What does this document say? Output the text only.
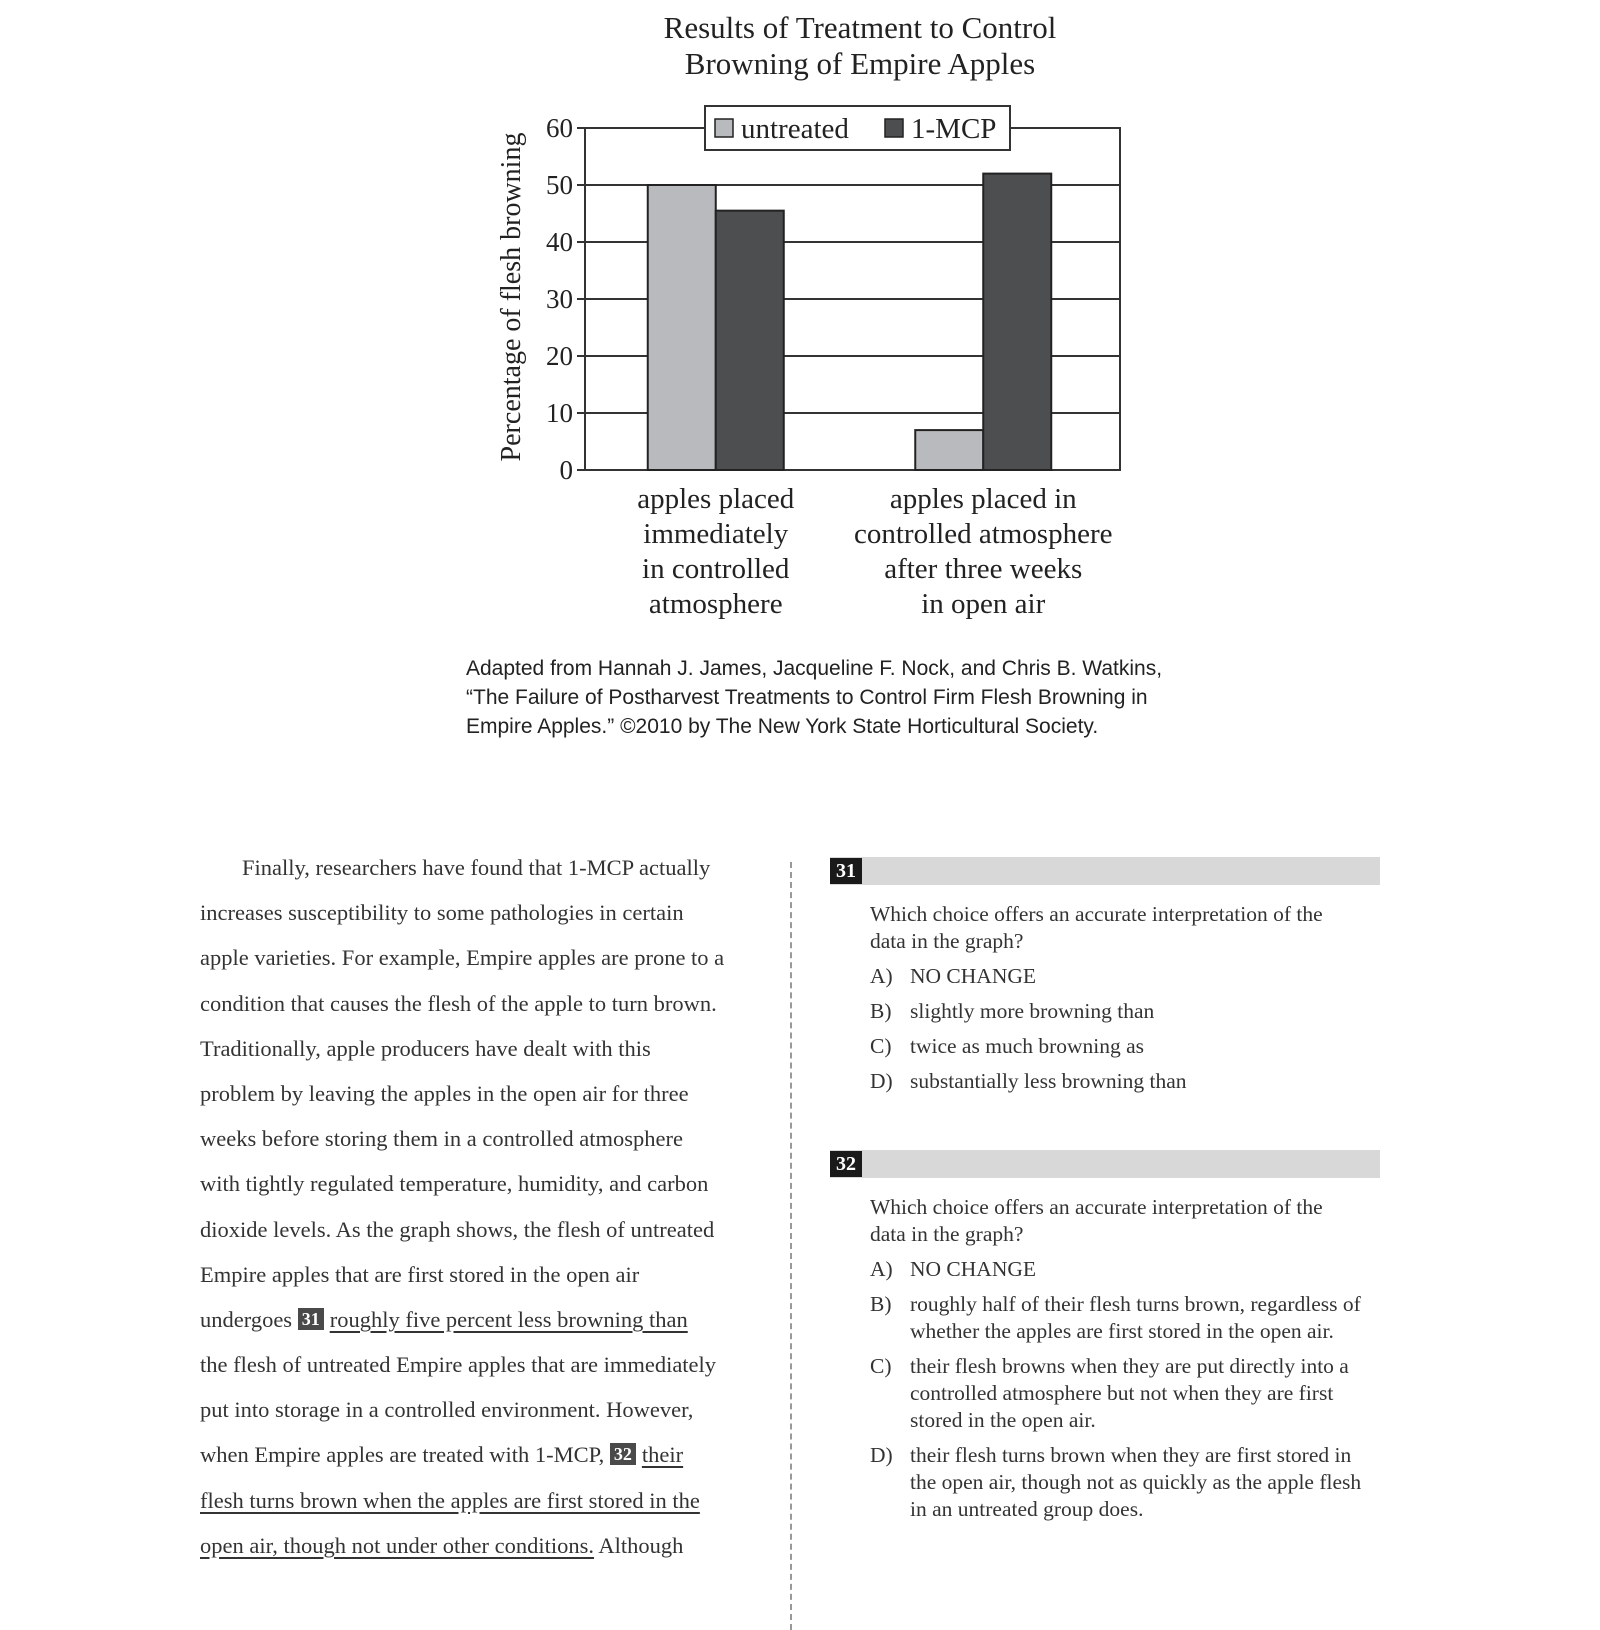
Results of Treatment to Control
Browning of Empire Apples
0
10
20
30
40
50
60
Percentage of flesh browning
apples placed
immediately
in controlled
atmosphere
apples placed in
controlled atmosphere
after three weeks
in open air
untreated 1-MCP
Adapted from Hannah J. James, Jacqueline F. Nock, and Chris B. Watkins,
“The Failure of Postharvest Treatments to Control Firm Flesh Browning in
Empire Apples.” ©2010 by The New York State Horticultural Society.
Finally, researchers have found that 1-MCP actually
increases susceptibility to some pathologies in certain
apple varieties. For example, Empire apples are prone to a
condition that causes the flesh of the apple to turn brown.
Traditionally, apple producers have dealt with this
problem by leaving the apples in the open air for three
weeks before storing them in a controlled atmosphere
with tightly regulated temperature, humidity, and carbon
dioxide levels. As the graph shows, the flesh of untreated
Empire apples that are first stored in the open air
undergoes 31 roughly five percent less browning than
the flesh of untreated Empire apples that are immediately
put into storage in a controlled environment. However,
when Empire apples are treated with 1-MCP, 32 their
flesh turns brown when the apples are first stored in the
open air, though not under other conditions. Although
31
Which choice offers an accurate interpretation of the data in the graph?
A) NO CHANGE
B) slightly more browning than
C) twice as much browning as
D) substantially less browning than
32
Which choice offers an accurate interpretation of the data in the graph?
A) NO CHANGE
B) roughly half of their flesh turns brown, regardless of whether the apples are first stored in the open air.
C) their flesh browns when they are put directly into a controlled atmosphere but not when they are first stored in the open air.
D) their flesh turns brown when they are first stored in the open air, though not as quickly as the apple flesh in an untreated group does.
